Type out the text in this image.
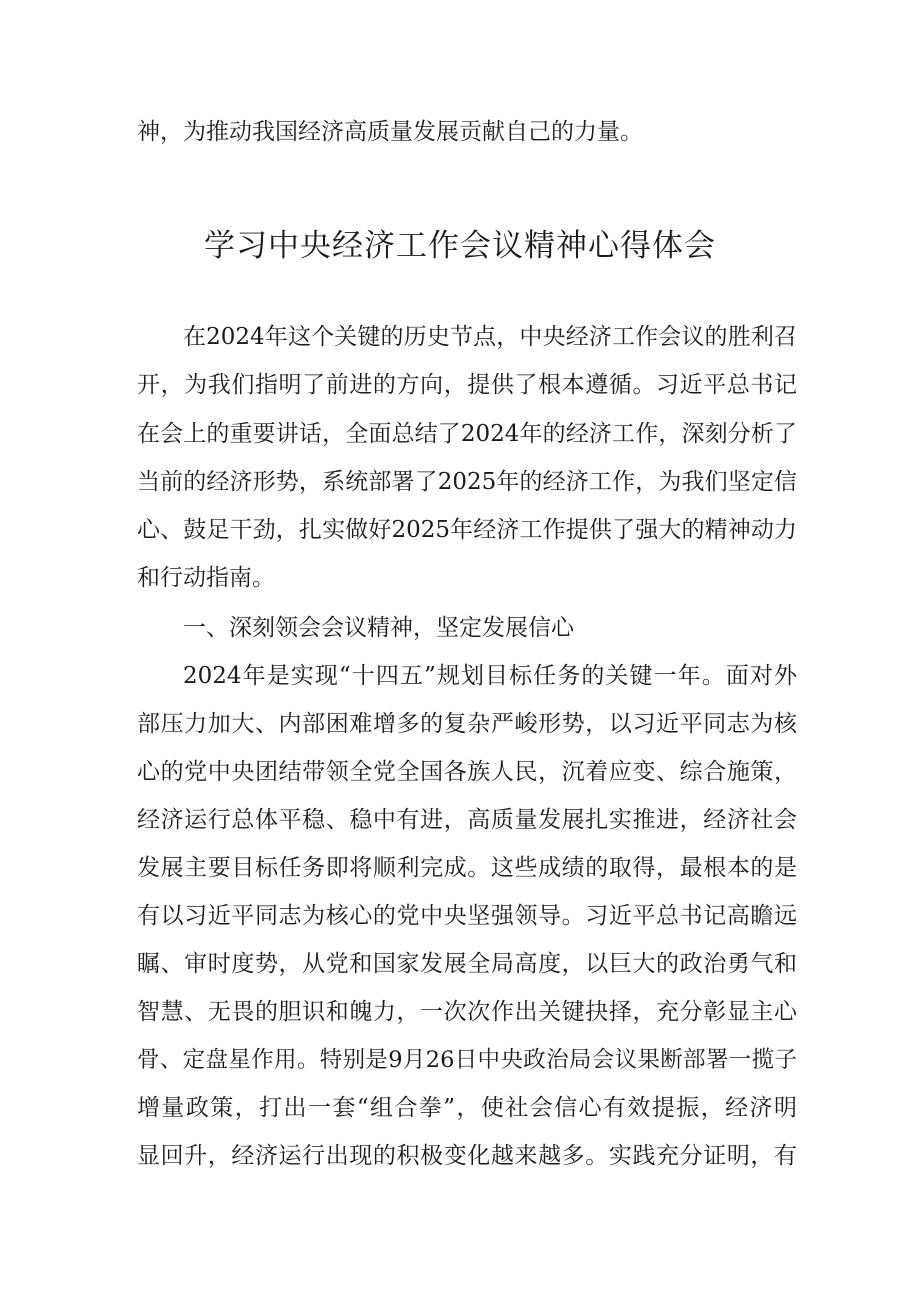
神，为推动我国经济高质量发展贡献自己的力量。
学习中央经济工作会议精神心得体会
在2024年这个关键的历史节点，中央经济工作会议的胜利召
开，为我们指明了前进的方向，提供了根本遵循。习近平总书记
在会上的重要讲话，全面总结了2024年的经济工作，深刻分析了
当前的经济形势，系统部署了2025年的经济工作，为我们坚定信
心、鼓足干劲，扎实做好2025年经济工作提供了强大的精神动力
和行动指南。
一、深刻领会会议精神，坚定发展信心
2024年是实现“十四五”规划目标任务的关键一年。面对外
部压力加大、内部困难增多的复杂严峻形势，以习近平同志为核
心的党中央团结带领全党全国各族人民，沉着应变、综合施策，
经济运行总体平稳、稳中有进，高质量发展扎实推进，经济社会
发展主要目标任务即将顺利完成。这些成绩的取得，最根本的是
有以习近平同志为核心的党中央坚强领导。习近平总书记高瞻远
瞩、审时度势，从党和国家发展全局高度，以巨大的政治勇气和
智慧、无畏的胆识和魄力，一次次作出关键抉择，充分彰显主心
骨、定盘星作用。特别是9月26日中央政治局会议果断部署一揽子
增量政策，打出一套“组合拳”，使社会信心有效提振，经济明
显回升，经济运行出现的积极变化越来越多。实践充分证明，有
